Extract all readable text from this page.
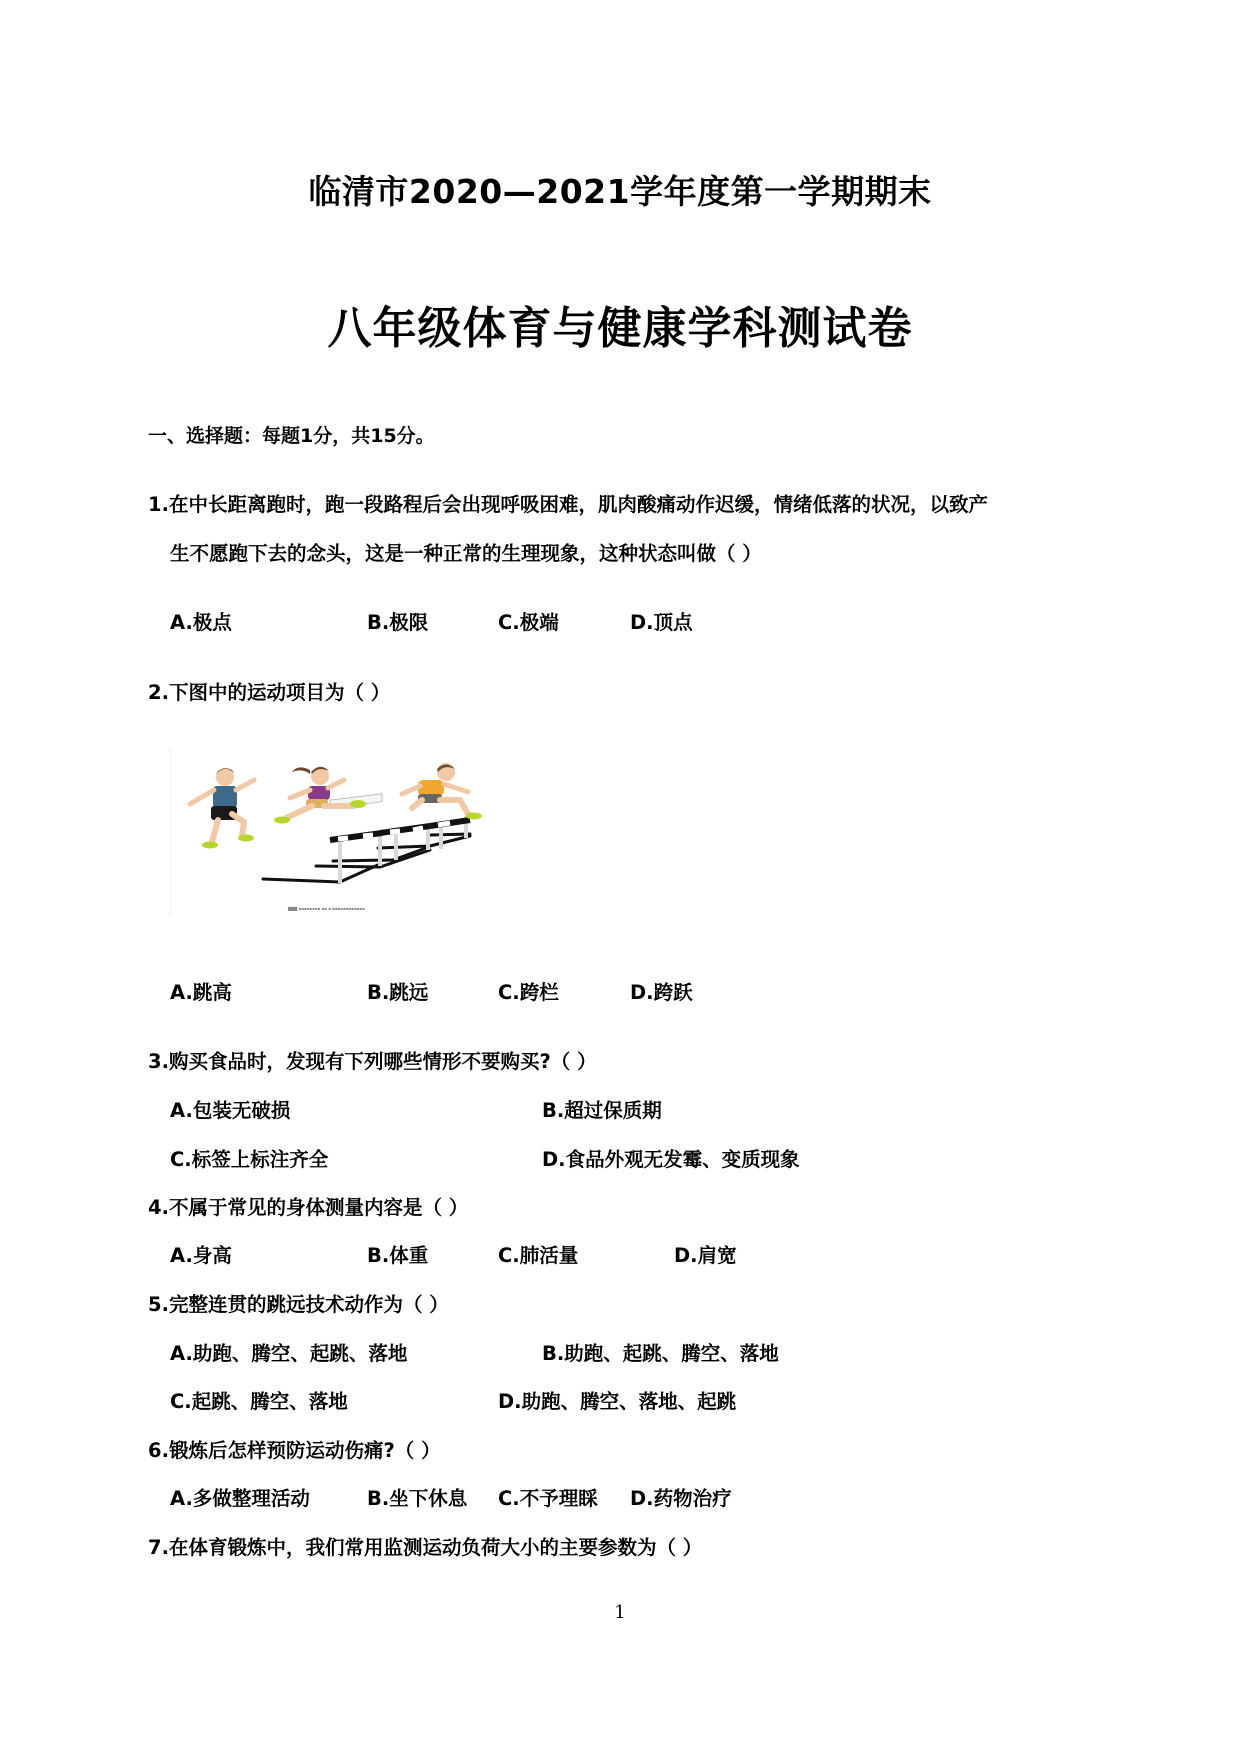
临清市2020—2021学年度第一学期期末
八年级体育与健康学科测试卷
一、选择题：每题1分，共15分。
1.在中长距离跑时，跑一段路程后会出现呼吸困难，肌肉酸痛动作迟缓，情绪低落的状况，以致产
生不愿跑下去的念头，这是一种正常的生理现象，这种状态叫做（ ）
A.极点	B.极限	C.极端	D.顶点
2.下图中的运动项目为（ ）
▇▇▇ ▪▪▪▪▪▪▪▪ ▪▪ ▪ ▪▪▪▪▪▪▪▪▪▪▪▪
A.跳高	B.跳远	C.跨栏	D.跨跃
3.购买食品时，发现有下列哪些情形不要购买?（ ）
A.包装无破损	B.超过保质期
C.标签上标注齐全	D.食品外观无发霉、变质现象
4.不属于常见的身体测量内容是（ ）
A.身高	B.体重	C.肺活量	D.肩宽
5.完整连贯的跳远技术动作为（ ）
A.助跑、腾空、起跳、落地	B.助跑、起跳、腾空、落地
C.起跳、腾空、落地	D.助跑、腾空、落地、起跳
6.锻炼后怎样预防运动伤痛?（ ）
A.多做整理活动	B.坐下休息 C.不予理睬 D.药物治疗
7.在体育锻炼中，我们常用监测运动负荷大小的主要参数为（ ）
1
